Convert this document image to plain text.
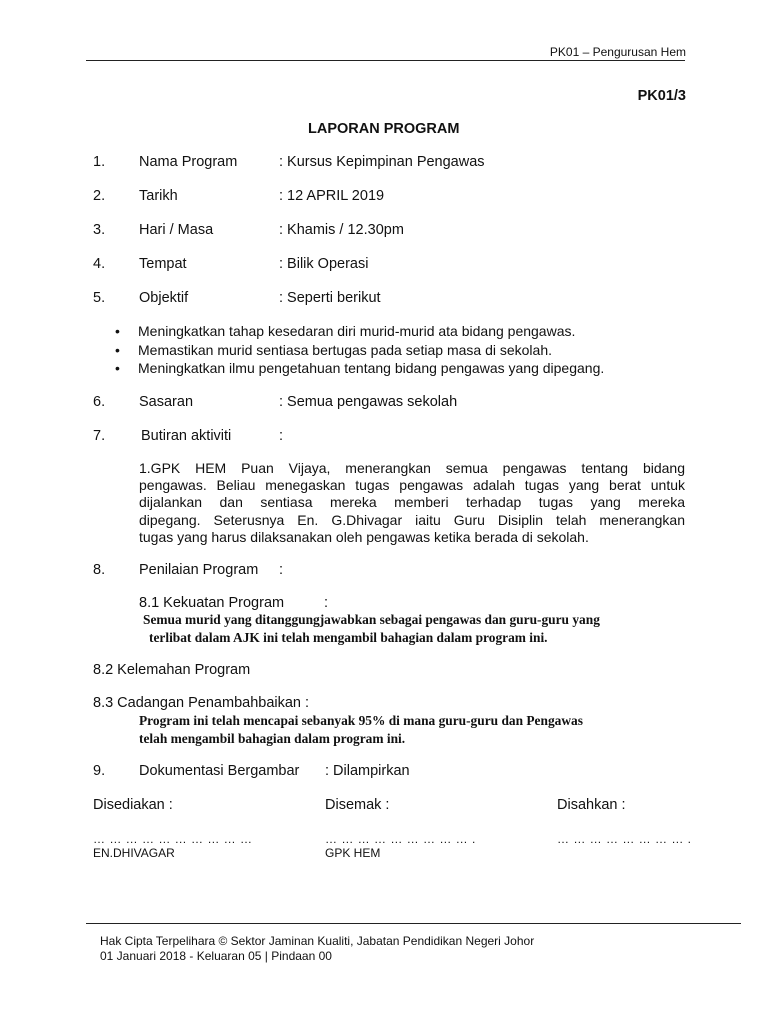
PK01 – Pengurusan Hem
PK01/3
LAPORAN PROGRAM
1. Nama Program	: Kursus Kepimpinan Pengawas
2. Tarikh	: 12 APRIL 2019
3. Hari / Masa	: Khamis / 12.30pm
4. Tempat	: Bilik Operasi
5. Objektif	: Seperti berikut
• Meningkatkan tahap kesedaran diri murid-murid ata bidang pengawas.
• Memastikan murid sentiasa bertugas pada setiap masa di sekolah.
• Meningkatkan ilmu pengetahuan tentang bidang pengawas yang dipegang.
6. Sasaran	: Semua pengawas sekolah
7. Butiran aktiviti	:
1.GPK HEM Puan Vijaya, menerangkan semua pengawas tentang bidang
pengawas. Beliau menegaskan tugas pengawas adalah tugas yang berat untuk
dijalankan dan sentiasa mereka memberi terhadap tugas yang mereka
dipegang. Seterusnya En. G.Dhivagar iaitu Guru Disiplin telah menerangkan
tugas yang harus dilaksanakan oleh pengawas ketika berada di sekolah.
8. Penilaian Program :
8.1 Kekuatan Program	:
Semua murid yang ditanggungjawabkan sebagai pengawas dan guru-guru yang
terlibat dalam AJK ini telah mengambil bahagian dalam program ini.
8.2 Kelemahan Program
8.3 Cadangan Penambahbaikan :
Program ini telah mencapai sebanyak 95% di mana guru-guru dan Pengawas
telah mengambil bahagian dalam program ini.
9. Dokumentasi Bergambar : Dilampirkan
Disediakan :
… … … … … … … … … …
EN.DHIVAGAR
Disemak :
… … … … … … … … … .
GPK HEM
Disahkan :
… … … … … … … … .
Hak Cipta Terpelihara © Sektor Jaminan Kualiti, Jabatan Pendidikan Negeri Johor
01 Januari 2018 - Keluaran 05 | Pindaan 00
